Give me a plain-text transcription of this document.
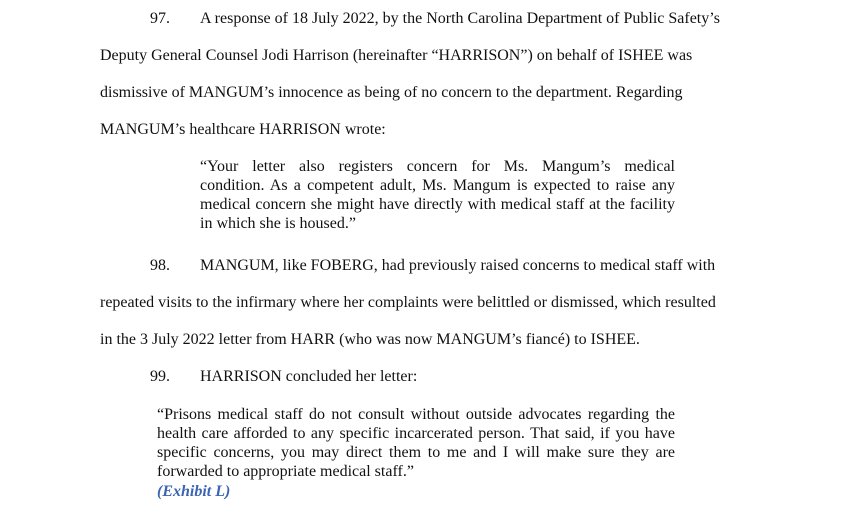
97. A response of 18 July 2022, by the North Carolina Department of Public Safety’s
Deputy General Counsel Jodi Harrison (hereinafter “HARRISON”) on behalf of ISHEE was
dismissive of MANGUM’s innocence as being of no concern to the department. Regarding
MANGUM’s healthcare HARRISON wrote:
“Your letter also registers concern for Ms. Mangum’s medical
condition. As a competent adult, Ms. Mangum is expected to raise any
medical concern she might have directly with medical staff at the facility
in which she is housed.”
98. MANGUM, like FOBERG, had previously raised concerns to medical staff with
repeated visits to the infirmary where her complaints were belittled or dismissed, which resulted
in the 3 July 2022 letter from HARR (who was now MANGUM’s fiancé) to ISHEE.
99. HARRISON concluded her letter:
“Prisons medical staff do not consult without outside advocates regarding the
health care afforded to any specific incarcerated person. That said, if you have
specific concerns, you may direct them to me and I will make sure they are
forwarded to appropriate medical staff.”
(Exhibit L)
